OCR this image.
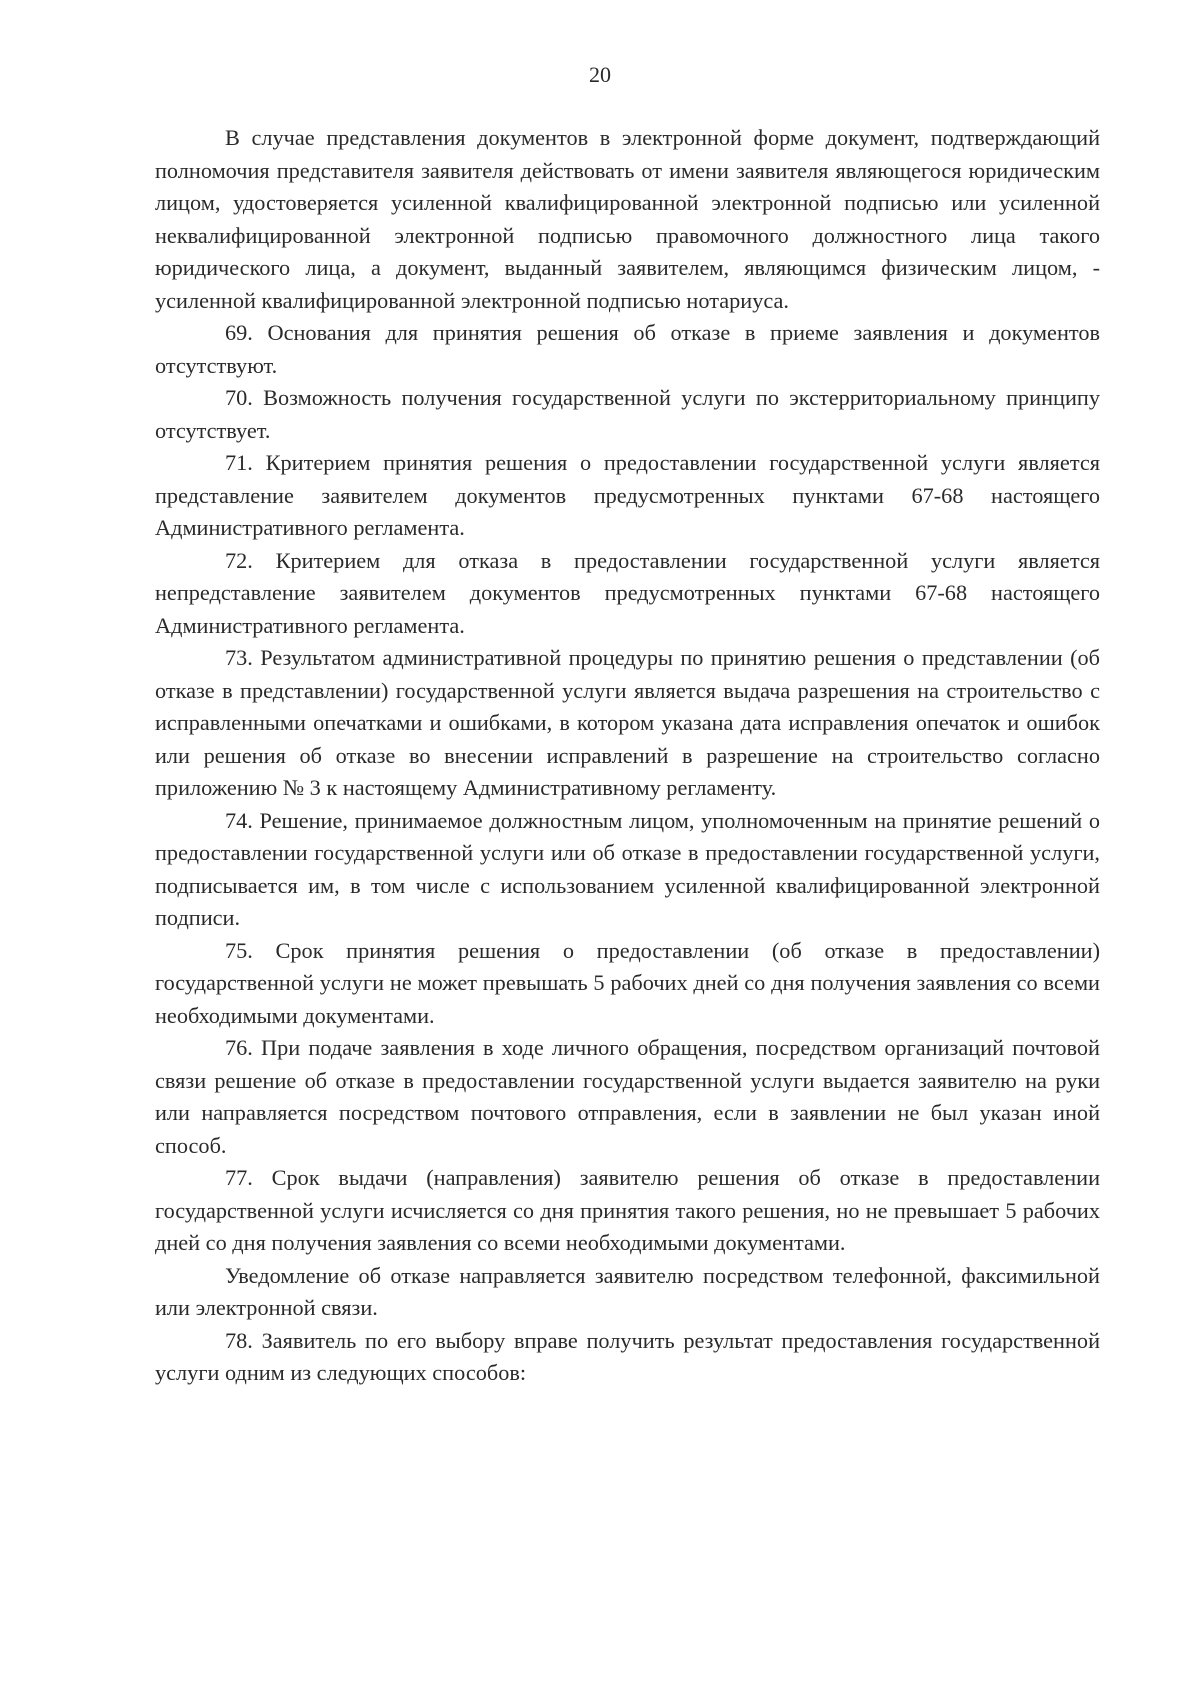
20

В случае представления документов в электронной форме документ, подтверждающий полномочия представителя заявителя действовать от имени заявителя являющегося юридическим лицом, удостоверяется усиленной квалифицированной электронной подписью или усиленной неквалифицированной электронной подписью правомочного должностного лица такого юридического лица, а документ, выданный заявителем, являющимся физическим лицом, - усиленной квалифицированной электронной подписью нотариуса.

69. Основания для принятия решения об отказе в приеме заявления и документов отсутствуют.

70. Возможность получения государственной услуги по экстерриториальному принципу отсутствует.

71. Критерием принятия решения о предоставлении государственной услуги является представление заявителем документов предусмотренных пунктами 67-68 настоящего Административного регламента.

72. Критерием для отказа в предоставлении государственной услуги является непредставление заявителем документов предусмотренных пунктами 67-68 настоящего Административного регламента.

73. Результатом административной процедуры по принятию решения о представлении (об отказе в представлении) государственной услуги является выдача разрешения на строительство с исправленными опечатками и ошибками, в котором указана дата исправления опечаток и ошибок или решения об отказе во внесении исправлений в разрешение на строительство согласно приложению № 3 к настоящему Административному регламенту.

74. Решение, принимаемое должностным лицом, уполномоченным на принятие решений о предоставлении государственной услуги или об отказе в предоставлении государственной услуги, подписывается им, в том числе с использованием усиленной квалифицированной электронной подписи.

75. Срок принятия решения о предоставлении (об отказе в предоставлении) государственной услуги не может превышать 5 рабочих дней со дня получения заявления со всеми необходимыми документами.

76. При подаче заявления в ходе личного обращения, посредством организаций почтовой связи решение об отказе в предоставлении государственной услуги выдается заявителю на руки или направляется посредством почтового отправления, если в заявлении не был указан иной способ.

77. Срок выдачи (направления) заявителю решения об отказе в предоставлении государственной услуги исчисляется со дня принятия такого решения, но не превышает 5 рабочих дней со дня получения заявления со всеми необходимыми документами.

Уведомление об отказе направляется заявителю посредством телефонной, факсимильной или электронной связи.

78. Заявитель по его выбору вправе получить результат предоставления государственной услуги одним из следующих способов:
